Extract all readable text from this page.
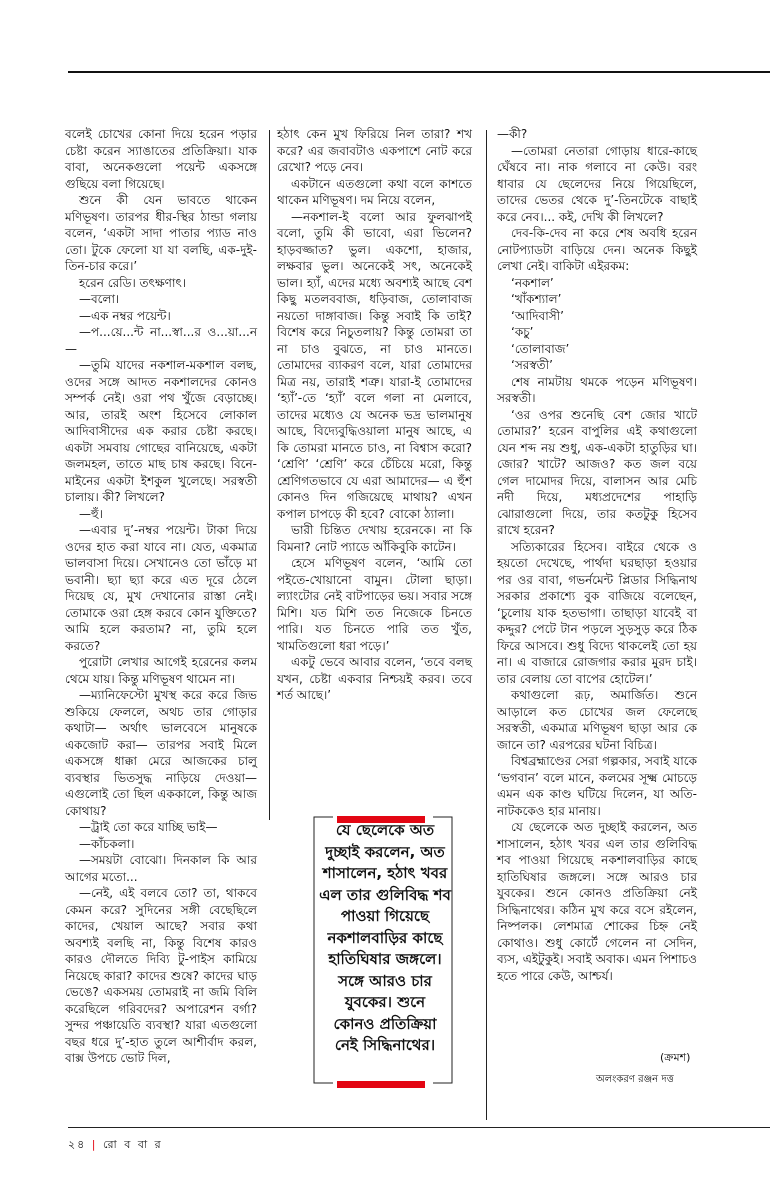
বলেই চোখের কোনা দিয়ে হরেন পড়ার চেষ্টা করেন স্যাঙাতের প্রতিক্রিয়া। যাক বাবা, অনেকগুলো পয়েন্ট একসঙ্গে গুছিয়ে বলা গিয়েছে।

শুনে কী যেন ভাবতে থাকেন মণিভূষণ। তারপর ধীর-স্থির ঠান্ডা গলায় বলেন, ‘একটা সাদা পাতার প্যাড নাও তো। টুকে ফেলো যা যা বলছি, এক-দুই-তিন-চার করে।’

হরেন রেডি। তৎক্ষণাৎ।

—বলো।

—এক নম্বর পয়েন্ট।

—প...য়ে...ন্ট না...স্বা...র ও...য়া...ন—

—তুমি যাদের নকশাল-মকশাল বলছ, ওদের সঙ্গে আদত নকশালদের কোনও সম্পর্ক নেই। ওরা পথ খুঁজে বেড়াচ্ছে। আর, তারই অংশ হিসেবে লোকাল আদিবাসীদের এক করার চেষ্টা করছে। একটা সমবায় গোছের বানিয়েছে, একটা জলমহল, তাতে মাছ চাষ করছে। বিনে-মাইনের একটা ইশকুল খুলেছে। সরস্বতী চালায়। কী? লিখলে?

—হুঁ।

—এবার দু’-নম্বর পয়েন্ট। টাকা দিয়ে ওদের হাত করা যাবে না। যেত, একমাত্র ভালবাসা দিয়ে। সেখানেও তো ভাঁড়ে মা ভবানী। ছ্যা ছ্যা করে এত দূরে ঠেলে দিয়েছ যে, মুখ দেখানোর রাস্তা নেই। তোমাকে ওরা হেঙ্গ করবে কোন যুক্তিতে? আমি হলে করতাম? না, তুমি হলে করতে?

পুরোটা লেখার আগেই হরেনের কলম থেমে যায়। কিন্তু মণিভূষণ থামেন না।

—ম্যানিফেস্টো মুখস্থ করে করে জিভ শুকিয়ে ফেললে, অথচ তার গোড়ার কথাটা— অর্থাৎ ভালবেসে মানুষকে একজোট করা— তারপর সবাই মিলে একসঙ্গে ধাক্কা মেরে আজকের চালু ব্যবস্থার ভিতসুদ্ধ নাড়িয়ে দেওয়া— এগুলোই তো ছিল এককালে, কিন্তু আজ কোথায়?

—ট্রাই তো করে যাচ্ছি ভাই—

—কাঁচকলা।

—সময়টা বোঝো। দিনকাল কি আর আগের মতো...

—নেই, এই বলবে তো? তা, থাকবে কেমন করে? সুদিনের সঙ্গী বেছেছিলে কাদের, খেয়াল আছে? সবার কথা অবশ্যই বলছি না, কিন্তু বিশেষ কারও কারও দৌলতে দিব্যি টু-পাইস কামিয়ে নিয়েছে কারা? কাদের শুষে? কাদের ঘাড় ভেঙে? একসময় তোমরাই না জমি বিলি করেছিলে গরিবদের? অপারেশন বর্গা? সুন্দর পঞ্চায়েতি ব্যবস্থা? যারা এতগুলো বছর ধরে দু’-হাত তুলে আশীর্বাদ করল, বাক্স উপচে ভোট দিল,

হঠাৎ কেন মুখ ফিরিয়ে নিল তারা? শখ করে? এর জবাবটাও একপাশে নোট করে রেখো? পড়ে নেব।

একটানে এতগুলো কথা বলে কাশতে থাকেন মণিভূষণ। দম নিয়ে বলেন,

—নকশাল-ই বলো আর ফুলঝাপই বলো, তুমি কী ভাবো, এরা ভিলেন? হাড়বজ্জাত? ভুল। একশো, হাজার, লক্ষবার ভুল। অনেকেই সৎ, অনেকেই ভাল। হ্যাঁ, এদের মধ্যে অবশ্যই আছে বেশ কিছু মতলববাজ, ধড়িবাজ, তোলাবাজ নয়তো দাঙ্গাবাজ। কিন্তু সবাই কি তাই? বিশেষ করে নিচুতলায়? কিন্তু তোমরা তা না চাও বুঝতে, না চাও মানতে। তোমাদের ব্যাকরণ বলে, যারা তোমাদের মিত্র নয়, তারাই শত্রু। যারা-ই তোমাদের ‘হ্যাঁ’-তে ‘হ্যাঁ’ বলে গলা না মেলাবে, তাদের মধ্যেও যে অনেক ভদ্র ভালমানুষ আছে, বিদ্যেবুদ্ধিওয়ালা মানুষ আছে, এ কি তোমরা মানতে চাও, না বিশ্বাস করো? ‘শ্রেণি’ ‘শ্রেণি’ করে চেঁচিয়ে মরো, কিন্তু শ্রেণিগতভাবে যে এরা আমাদের— এ হুঁশ কোনও দিন গজিয়েছে মাথায়? এখন কপাল চাপড়ে কী হবে? বোকো ঠ্যালা।

ভারী চিন্তিত দেখায় হরেনকে। না কি বিমনা? নোট প্যাডে আঁকিবুকি কাটেন।

হেসে মণিভূষণ বলেন, ‘আমি তো পইতে-খোয়ানো বামুন। টোলা ছাড়া। ল্যাংটোর নেই বাটপাড়ের ভয়। সবার সঙ্গে মিশি। যত মিশি তত নিজেকে চিনতে পারি। যত চিনতে পারি তত খুঁত, খামতিগুলো ধরা পড়ে।’

একটু ভেবে আবার বলেন, ‘তবে বলছ যখন, চেষ্টা একবার নিশ্চয়ই করব। তবে শর্ত আছে।’

—কী?

—তোমরা নেতারা গোড়ায় ধারে-কাছে ঘেঁষবে না। নাক গলাবে না কেউ। বরং ধাবার যে ছেলেদের নিয়ে গিয়েছিলে, তাদের ভেতর থেকে দু’-তিনটেকে বাছাই করে নেব।... কই, দেখি কী লিখলে?

দেব-কি-দেব না করে শেষ অবধি হরেন নোটপ্যাডটা বাড়িয়ে দেন। অনেক কিছুই লেখা নেই। বাকিটা এইরকম:

‘নকশাল’

‘খাঁকশ্যাল’

‘আদিবাসী’

‘কচু’

‘তোলাবাজ’

‘সরস্বতী’

শেষ নামটায় থমকে পড়েন মণিভূষণ। সরস্বতী।

‘ওর ওপর শুনেছি বেশ জোর খাটে তোমার?’ হরেন বাপুলির এই কথাগুলো যেন শব্দ নয় শুধু, এক-একটা হাতুড়ির ঘা। জোর? খাটে? আজও? কত জল বয়ে গেল দামোদর দিয়ে, বালাসন আর মেচি নদী দিয়ে, মধ্যপ্রদেশের পাহাড়ি ঝোরাগুলো দিয়ে, তার কতটুকু হিসেব রাখে হরেন?

সত্যিকারের হিসেব। বাইরে থেকে ও হয়তো দেখেছে, পার্থদা ঘরছাড়া হওয়ার পর ওর বাবা, গভর্নমেন্ট প্লিডার সিদ্ধিনাথ সরকার প্রকাশ্যে বুক বাজিয়ে বলেছেন, ‘চুলোয় যাক হতভাগা। তাছাড়া যাবেই বা কদ্দুর? পেটে টান পড়লে সুড়সুড় করে ঠিক ফিরে আসবে। শুধু বিদ্যে থাকলেই তো হয় না। এ বাজারে রোজগার করার মুরদ চাই। তার বেলায় তো বাপের হোটেল।’

কথাগুলো রূঢ়, অমার্জিত। শুনে আড়ালে কত চোখের জল ফেলেছে সরস্বতী, একমাত্র মণিভূষণ ছাড়া আর কে জানে তা? এরপরের ঘটনা বিচিত্র।

বিশ্বব্রহ্মাণ্ডের সেরা গল্পকার, সবাই যাকে ‘ভগবান’ বলে মানে, কলমের সূক্ষ্ম মোচড়ে এমন এক কাণ্ড ঘটিয়ে দিলেন, যা অতি-নাটককেও হার মানায়।

যে ছেলেকে অত দুচ্ছাই করলেন, অত শাসালেন, হঠাৎ খবর এল তার গুলিবিদ্ধ শব পাওয়া গিয়েছে নকশালবাড়ির কাছে হাতিঘিষার জঙ্গলে। সঙ্গে আরও চার যুবকের। শুনে কোনও প্রতিক্রিয়া নেই সিদ্ধিনাথের। কঠিন মুখ করে বসে রইলেন, নিষ্পলক। লেশমাত্র শোকের চিহ্ন নেই কোথাও। শুধু কোর্টে গেলেন না সেদিন, ব্যস, এইটুকুই। সবাই অবাক। এমন পিশাচও হতে পারে কেউ, আশ্চর্য।

যে ছেলেকে অত
দুচ্ছাই করলেন, অত
শাসালেন, হঠাৎ খবর
এল তার গুলিবিদ্ধ শব
পাওয়া গিয়েছে
নকশালবাড়ির কাছে
হাতিঘিষার জঙ্গলে।
সঙ্গে আরও চার
যুবকের। শুনে
কোনও প্রতিক্রিয়া
নেই সিদ্ধিনাথের।
(ক্রমশ)
অলংকরণ রঞ্জন দত্ত
২৪ | রো ব বা র
